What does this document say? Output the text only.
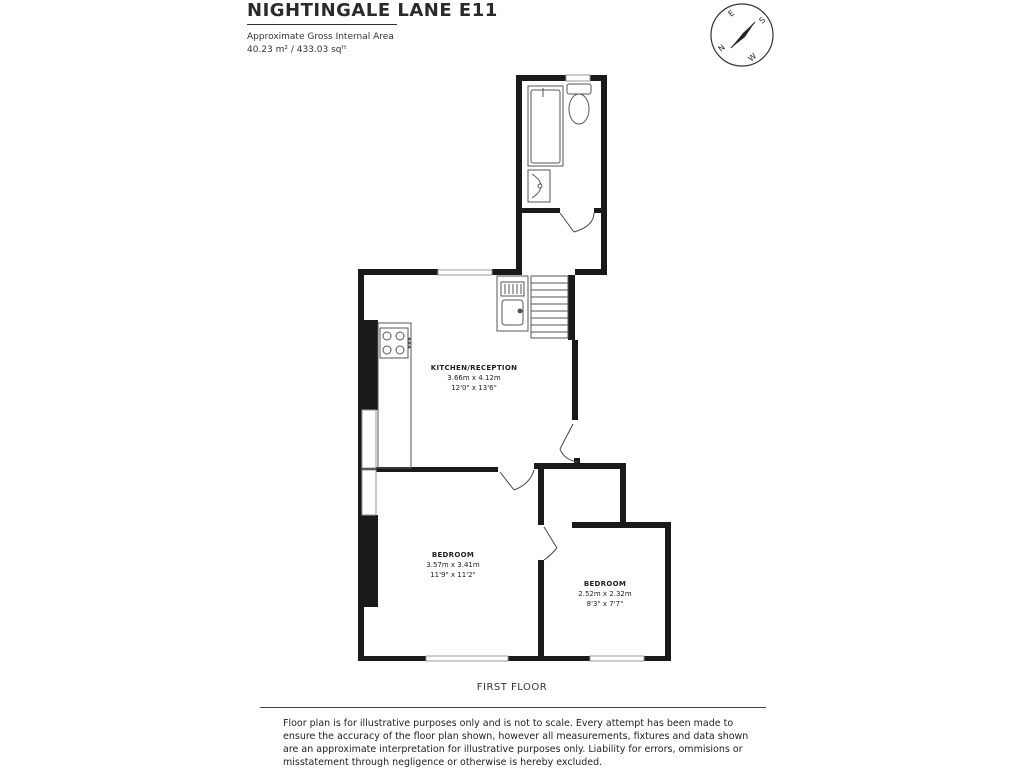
NIGHTINGALE LANE E11
Approximate Gross Internal Area
40.23 m² / 433.03 sqᶠᵗ	N
E
S
W
KITCHEN/RECEPTION
3.66m x 4.12m
12'0" x 13'6"
BEDROOM
3.57m x 3.41m
11'9" x 11'2"
BEDROOM
2.52m x 2.32m
8'3" x 7'7"
FIRST FLOOR
Floor plan is for illustrative purposes only and is not to scale. Every attempt has been made to ensure the accuracy of the floor plan shown, however all measurements, fixtures and data shown are an approximate interpretation for illustrative purposes only. Liability for errors, ommisions or misstatement through negligence or otherwise is hereby excluded.
